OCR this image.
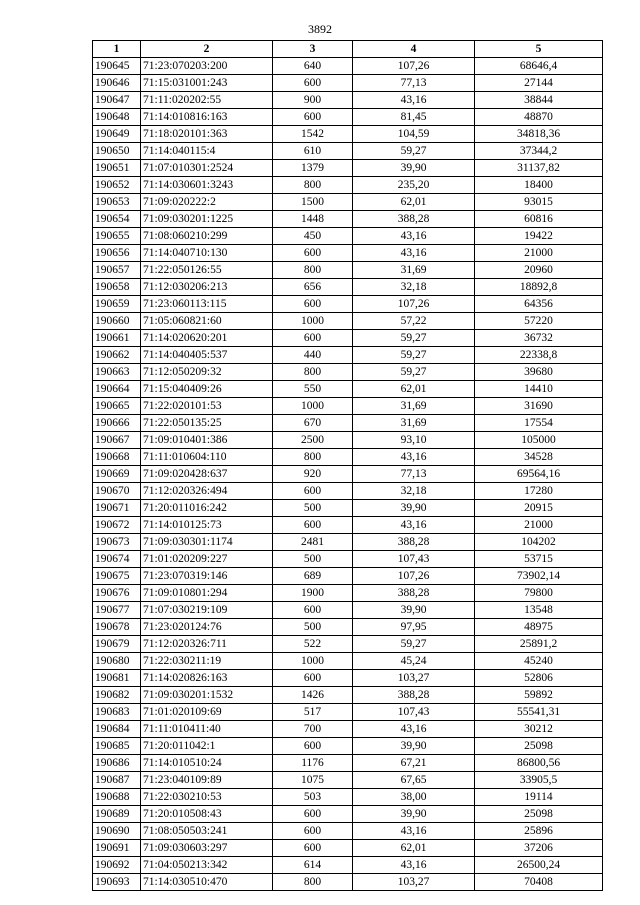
3892
1	2	3	4	5
190645	71:23:070203:200	640	107,26	68646,4
190646	71:15:031001:243	600	77,13	27144
190647	71:11:020202:55	900	43,16	38844
190648	71:14:010816:163	600	81,45	48870
190649	71:18:020101:363	1542	104,59	34818,36
190650	71:14:040115:4	610	59,27	37344,2
190651	71:07:010301:2524	1379	39,90	31137,82
190652	71:14:030601:3243	800	235,20	18400
190653	71:09:020222:2	1500	62,01	93015
190654	71:09:030201:1225	1448	388,28	60816
190655	71:08:060210:299	450	43,16	19422
190656	71:14:040710:130	600	43,16	21000
190657	71:22:050126:55	800	31,69	20960
190658	71:12:030206:213	656	32,18	18892,8
190659	71:23:060113:115	600	107,26	64356
190660	71:05:060821:60	1000	57,22	57220
190661	71:14:020620:201	600	59,27	36732
190662	71:14:040405:537	440	59,27	22338,8
190663	71:12:050209:32	800	59,27	39680
190664	71:15:040409:26	550	62,01	14410
190665	71:22:020101:53	1000	31,69	31690
190666	71:22:050135:25	670	31,69	17554
190667	71:09:010401:386	2500	93,10	105000
190668	71:11:010604:110	800	43,16	34528
190669	71:09:020428:637	920	77,13	69564,16
190670	71:12:020326:494	600	32,18	17280
190671	71:20:011016:242	500	39,90	20915
190672	71:14:010125:73	600	43,16	21000
190673	71:09:030301:1174	2481	388,28	104202
190674	71:01:020209:227	500	107,43	53715
190675	71:23:070319:146	689	107,26	73902,14
190676	71:09:010801:294	1900	388,28	79800
190677	71:07:030219:109	600	39,90	13548
190678	71:23:020124:76	500	97,95	48975
190679	71:12:020326:711	522	59,27	25891,2
190680	71:22:030211:19	1000	45,24	45240
190681	71:14:020826:163	600	103,27	52806
190682	71:09:030201:1532	1426	388,28	59892
190683	71:01:020109:69	517	107,43	55541,31
190684	71:11:010411:40	700	43,16	30212
190685	71:20:011042:1	600	39,90	25098
190686	71:14:010510:24	1176	67,21	86800,56
190687	71:23:040109:89	1075	67,65	33905,5
190688	71:22:030210:53	503	38,00	19114
190689	71:20:010508:43	600	39,90	25098
190690	71:08:050503:241	600	43,16	25896
190691	71:09:030603:297	600	62,01	37206
190692	71:04:050213:342	614	43,16	26500,24
190693	71:14:030510:470	800	103,27	70408
